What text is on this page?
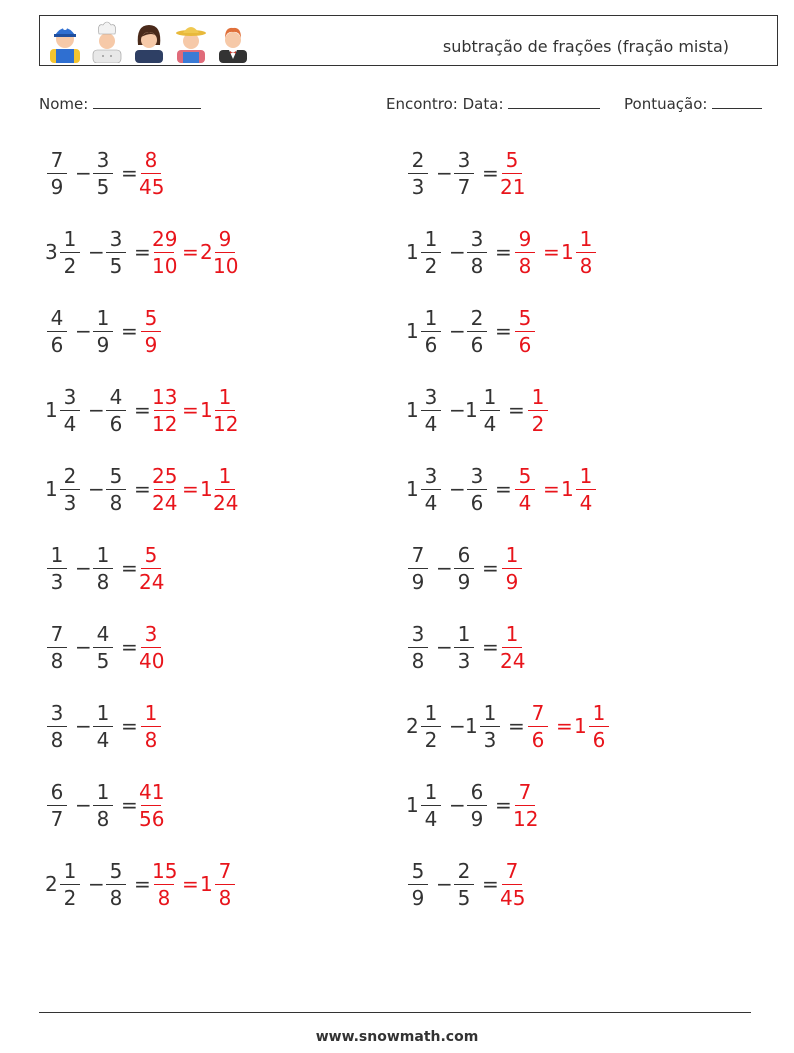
subtração de frações (fração mista)
Nome:	Encontro: Data:	Pontuação:
7
9
−
3
5
=
8
45
2
3
−
3
7
=
5
21
3
1
2
−
3
5
=
29
10
= 2
9
10
1
1
2
−
3
8
=
9
8
= 1
1
8
4
6
−
1
9
=
5
9
1
1
6
−
2
6
=
5
6
1
3
4
−
4
6
=
13
12
= 1
1
12
1
3
4
− 1
1
4
=
1
2
1
2
3
−
5
8
=
25
24
= 1
1
24
1
3
4
−
3
6
=
5
4
= 1
1
4
1
3
−
1
8
=
5
24
7
9
−
6
9
=
1
9
7
8
−
4
5
=
3
40
3
8
−
1
3
=
1
24
3
8
−
1
4
=
1
8
2
1
2
− 1
1
3
=
7
6
= 1
1
6
6
7
−
1
8
=
41
56
1
1
4
−
6
9
=
7
12
2
1
2
−
5
8
=
15
8
= 1
7
8
5
9
−
2
5
=
7
45
www.snowmath.com
